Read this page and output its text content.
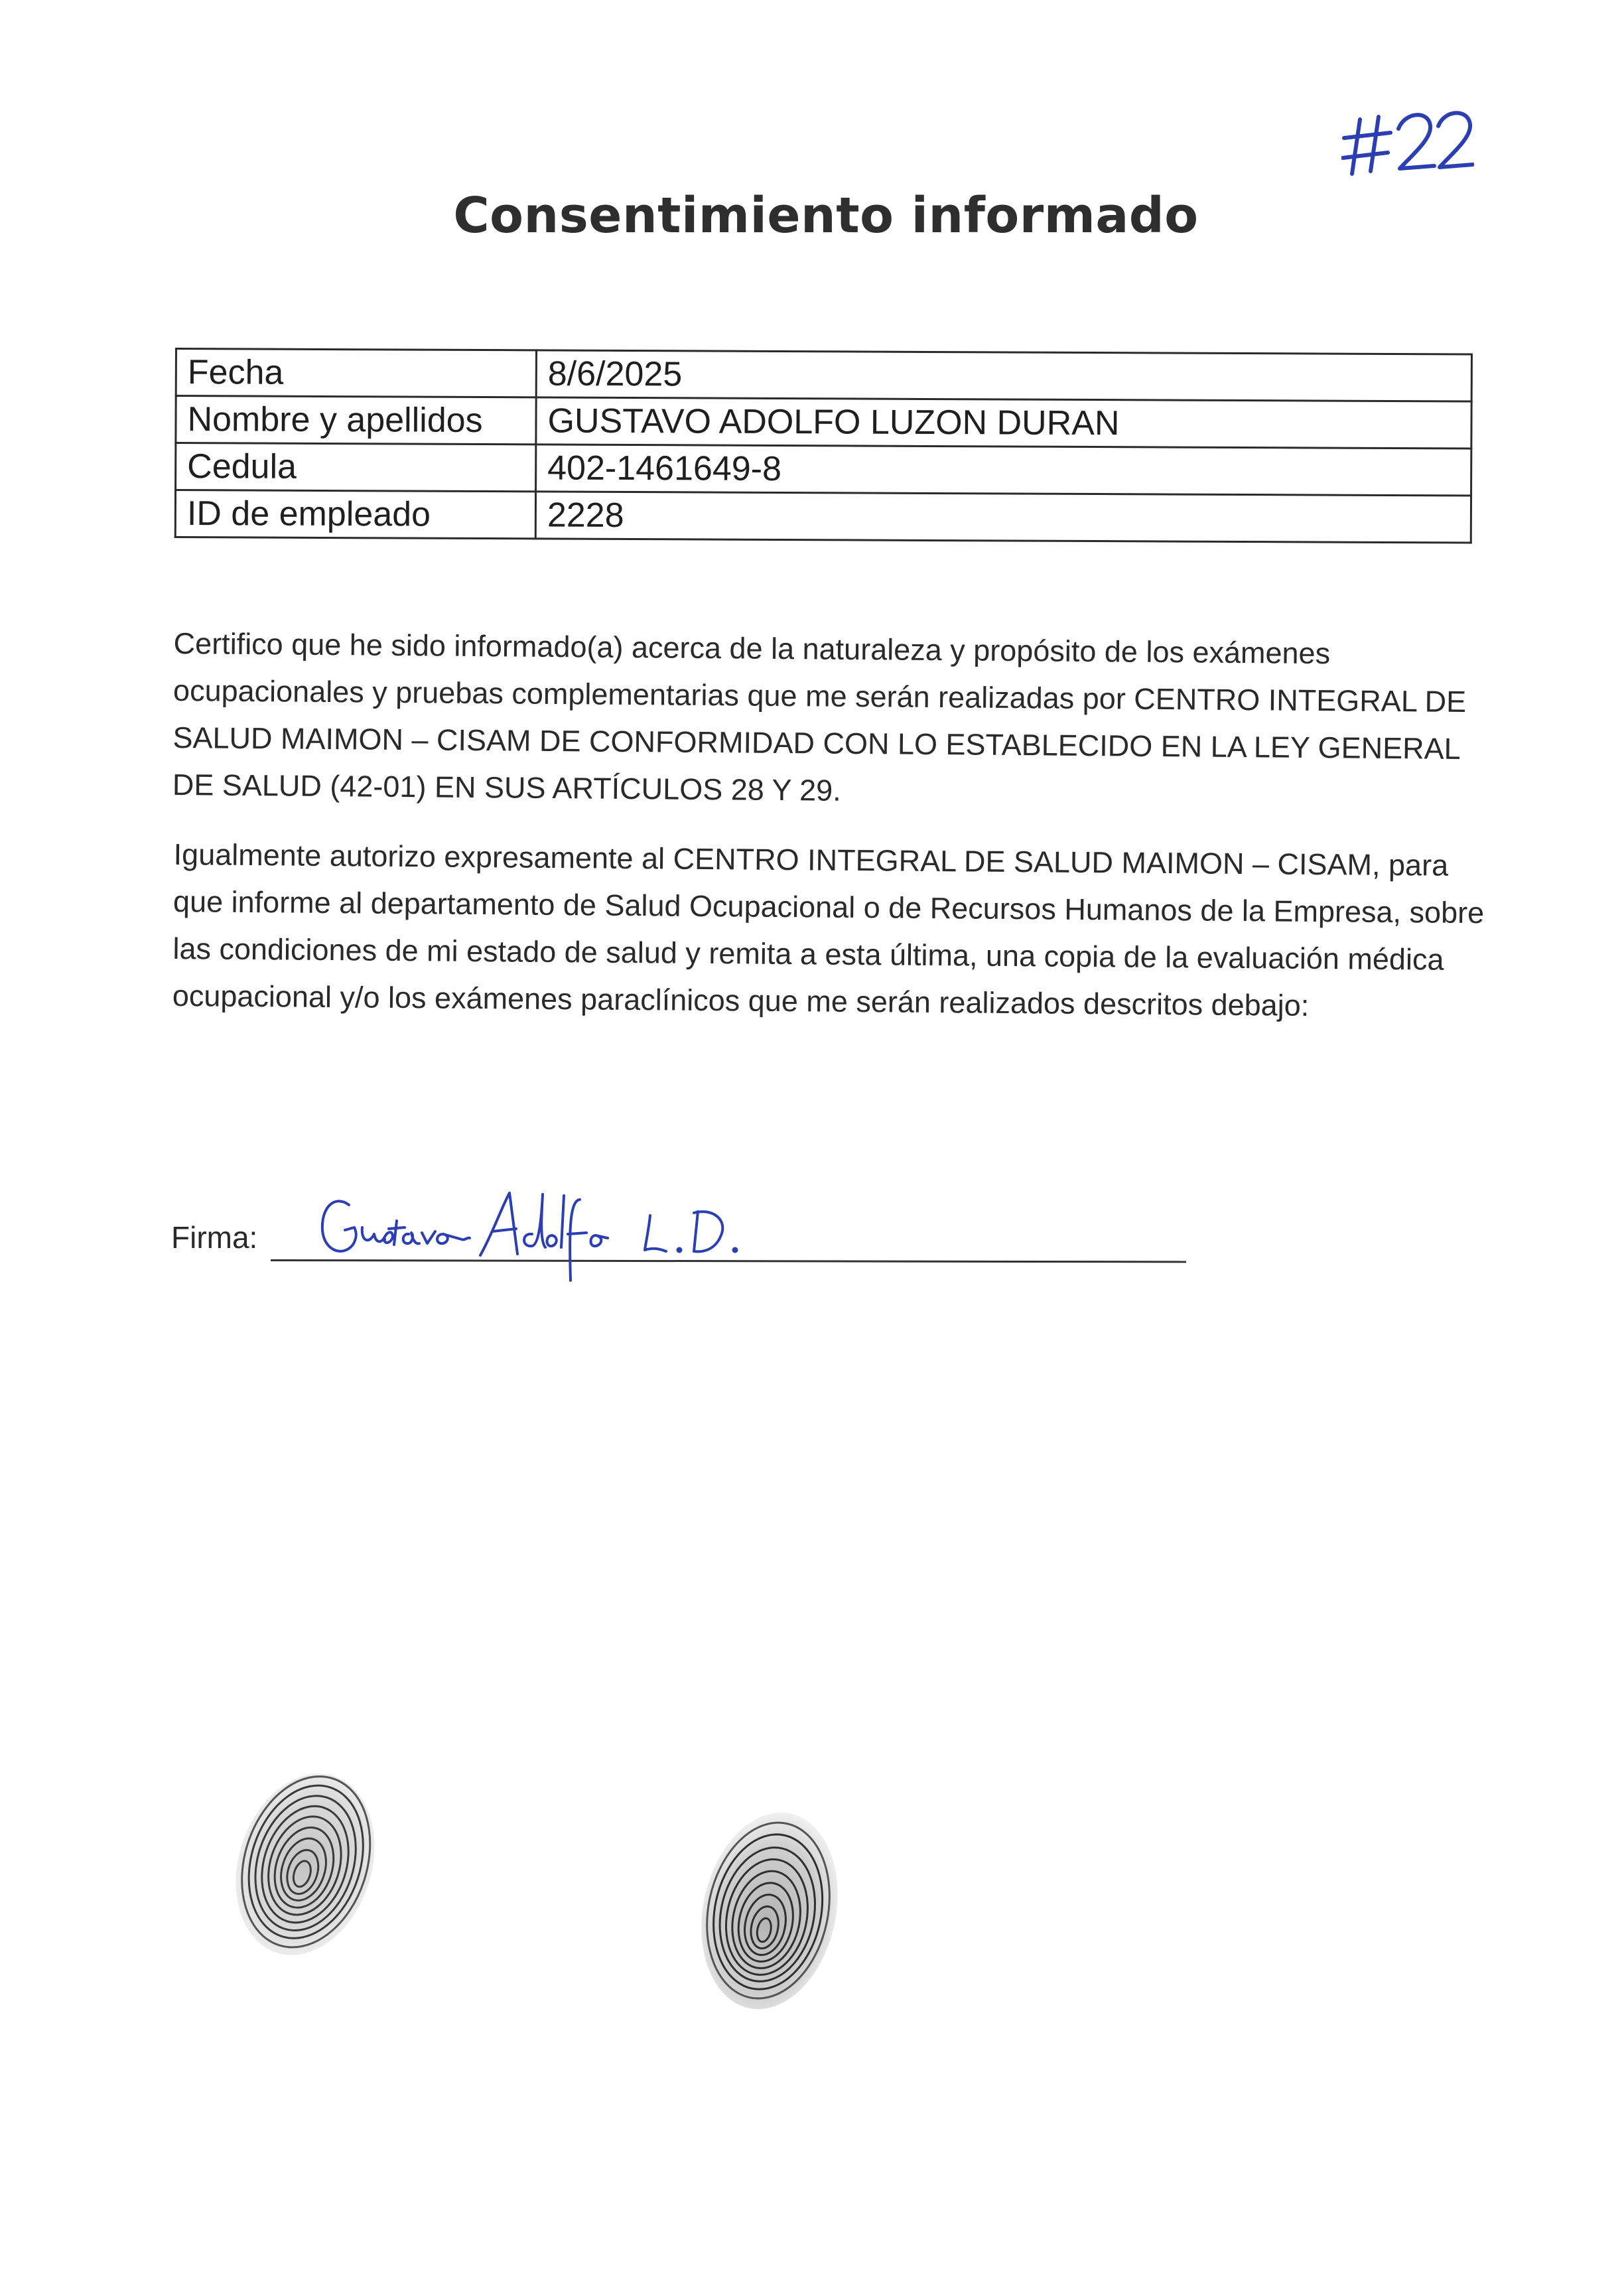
Consentimiento informado
Fecha	8/6/2025
Nombre y apellidos	GUSTAVO ADOLFO LUZON DURAN
Cedula	402-1461649-8
ID de empleado	2228

Certifico que he sido informado(a) acerca de la naturaleza y propósito de los exámenes ocupacionales y pruebas complementarias que me serán realizadas por CENTRO INTEGRAL DE SALUD MAIMON – CISAM DE CONFORMIDAD CON LO ESTABLECIDO EN LA LEY GENERAL DE SALUD (42-01) EN SUS ARTÍCULOS 28 Y 29.

Igualmente autorizo expresamente al CENTRO INTEGRAL DE SALUD MAIMON – CISAM, para que informe al departamento de Salud Ocupacional o de Recursos Humanos de la Empresa, sobre las condiciones de mi estado de salud y remita a esta última, una copia de la evaluación médica ocupacional y/o los exámenes paraclínicos que me serán realizados descritos debajo:

Firma:
